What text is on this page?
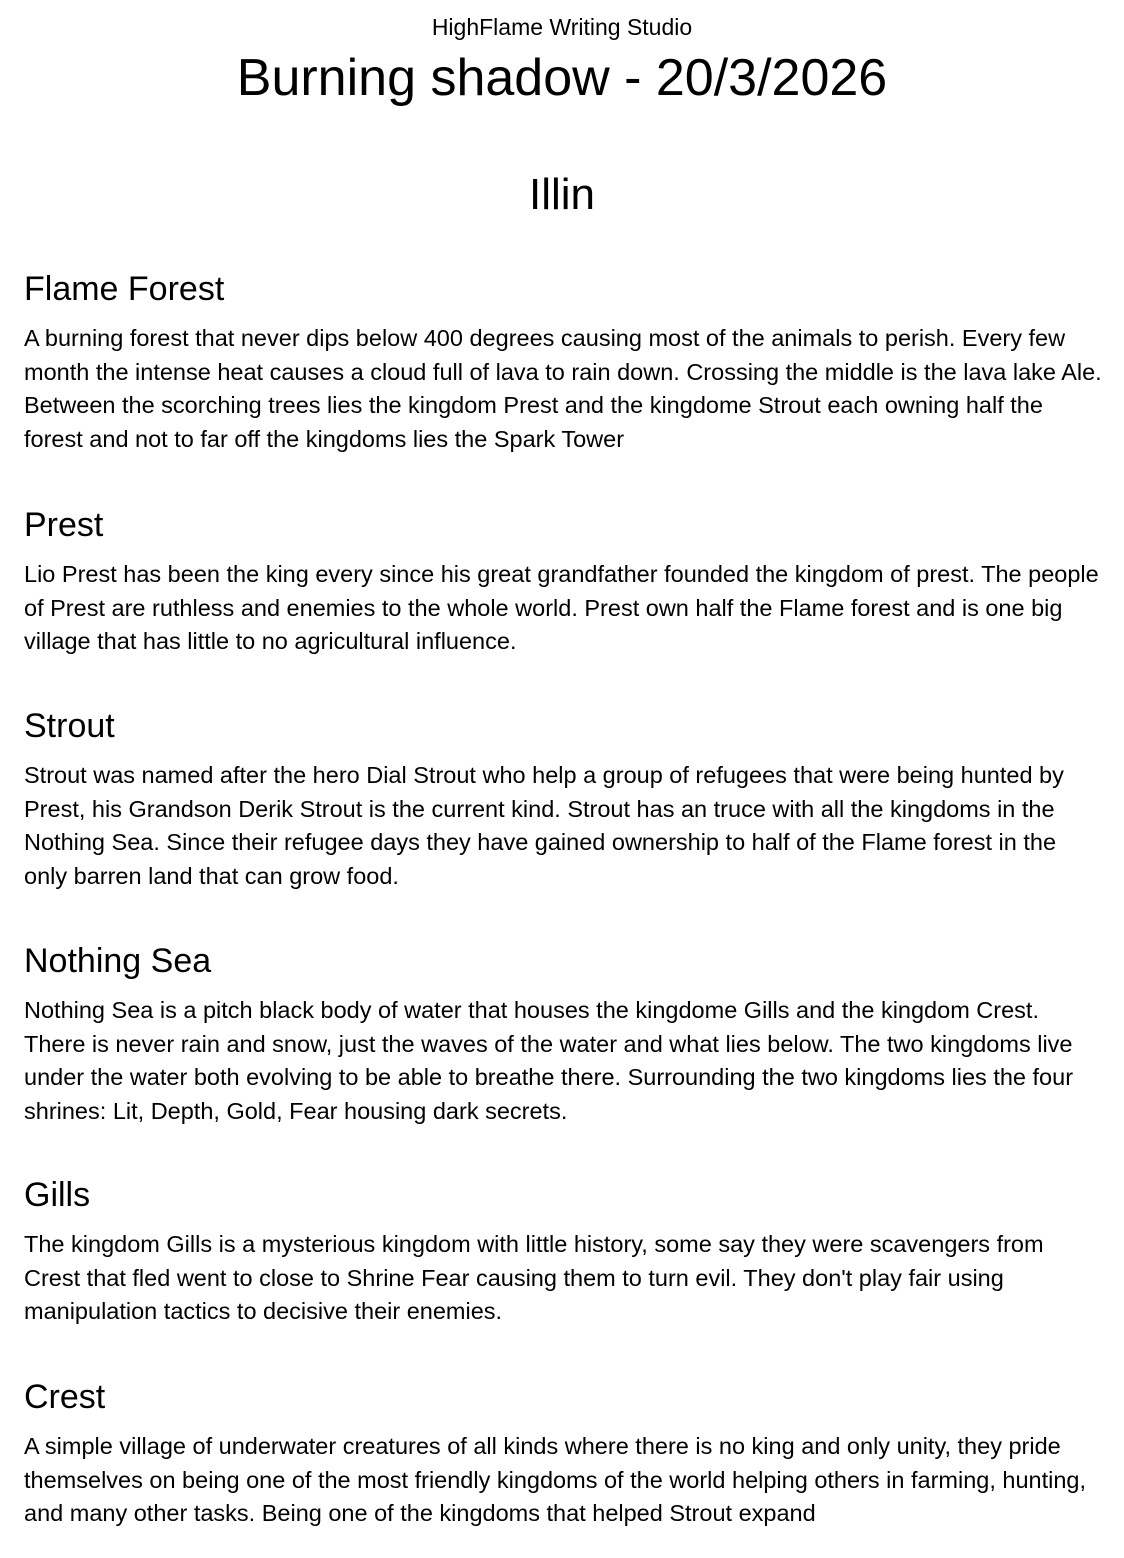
HighFlame Writing Studio
Burning shadow - 20/3/2026
Illin
Flame Forest

A burning forest that never dips below 400 degrees causing most of the animals to perish. Every few month the intense heat causes a cloud full of lava to rain down. Crossing the middle is the lava lake Ale. Between the scorching trees lies the kingdom Prest and the kingdome Strout each owning half the forest and not to far off the kingdoms lies the Spark Tower

Prest

Lio Prest has been the king every since his great grandfather founded the kingdom of prest. The people of Prest are ruthless and enemies to the whole world. Prest own half the Flame forest and is one big village that has little to no agricultural influence.

Strout

Strout was named after the hero Dial Strout who help a group of refugees that were being hunted by Prest, his Grandson Derik Strout is the current kind. Strout has an truce with all the kingdoms in the Nothing Sea. Since their refugee days they have gained ownership to half of the Flame forest in the only barren land that can grow food.

Nothing Sea

Nothing Sea is a pitch black body of water that houses the kingdome Gills and the kingdom Crest. There is never rain and snow, just the waves of the water and what lies below. The two kingdoms live under the water both evolving to be able to breathe there. Surrounding the two kingdoms lies the four shrines: Lit, Depth, Gold, Fear housing dark secrets.

Gills

The kingdom Gills is a mysterious kingdom with little history, some say they were scavengers from Crest that fled went to close to Shrine Fear causing them to turn evil. They don't play fair using manipulation tactics to decisive their enemies.

Crest

A simple village of underwater creatures of all kinds where there is no king and only unity, they pride themselves on being one of the most friendly kingdoms of the world helping others in farming, hunting, and many other tasks. Being one of the kingdoms that helped Strout expand
